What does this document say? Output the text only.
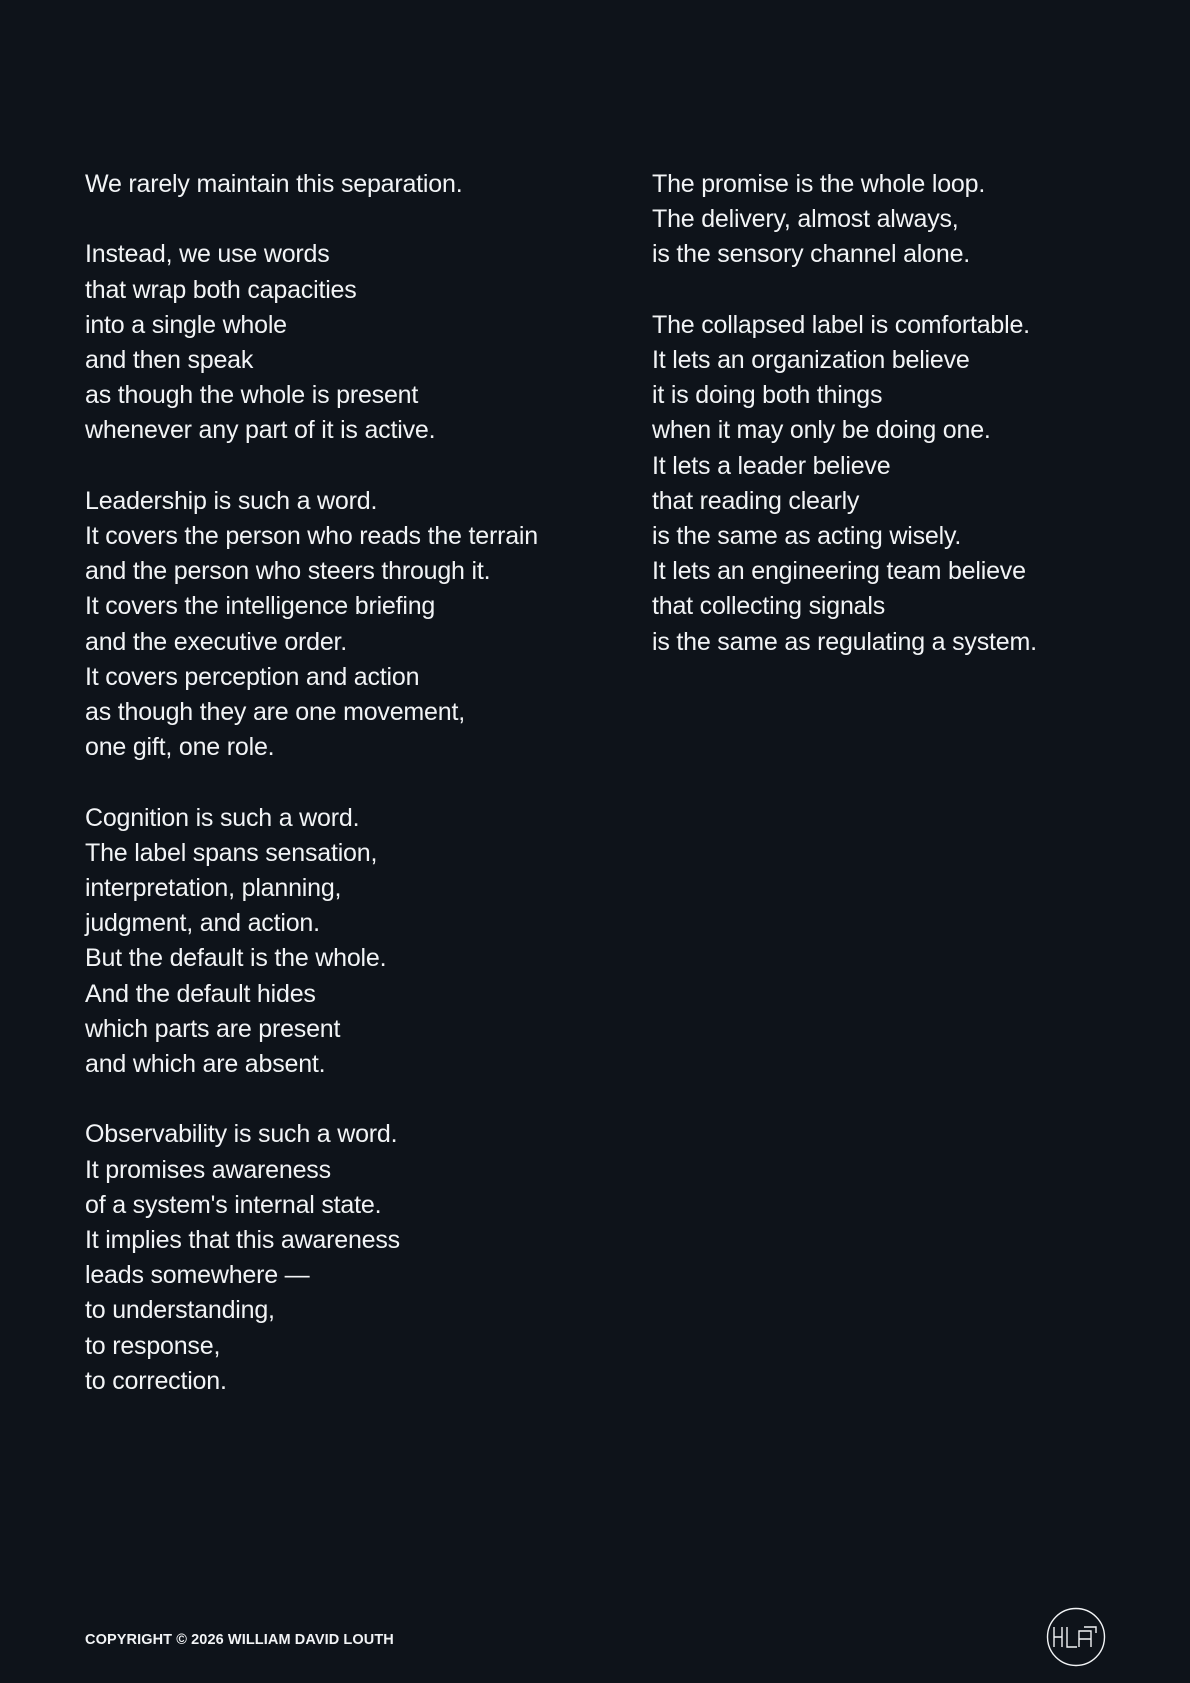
We rarely maintain this separation.
Instead, we use words
that wrap both capacities
into a single whole
and then speak
as though the whole is present
whenever any part of it is active.
Leadership is such a word.
It covers the person who reads the terrain
and the person who steers through it.
It covers the intelligence briefing
and the executive order.
It covers perception and action
as though they are one movement,
one gift, one role.
Cognition is such a word.
The label spans sensation,
interpretation, planning,
judgment, and action.
But the default is the whole.
And the default hides
which parts are present
and which are absent.
Observability is such a word.
It promises awareness
of a system's internal state.
It implies that this awareness
leads somewhere —
to understanding,
to response,
to correction.
The promise is the whole loop.
The delivery, almost always,
is the sensory channel alone.
The collapsed label is comfortable.
It lets an organization believe
it is doing both things
when it may only be doing one.
It lets a leader believe
that reading clearly
is the same as acting wisely.
It lets an engineering team believe
that collecting signals
is the same as regulating a system.
COPYRIGHT © 2026 WILLIAM DAVID LOUTH
